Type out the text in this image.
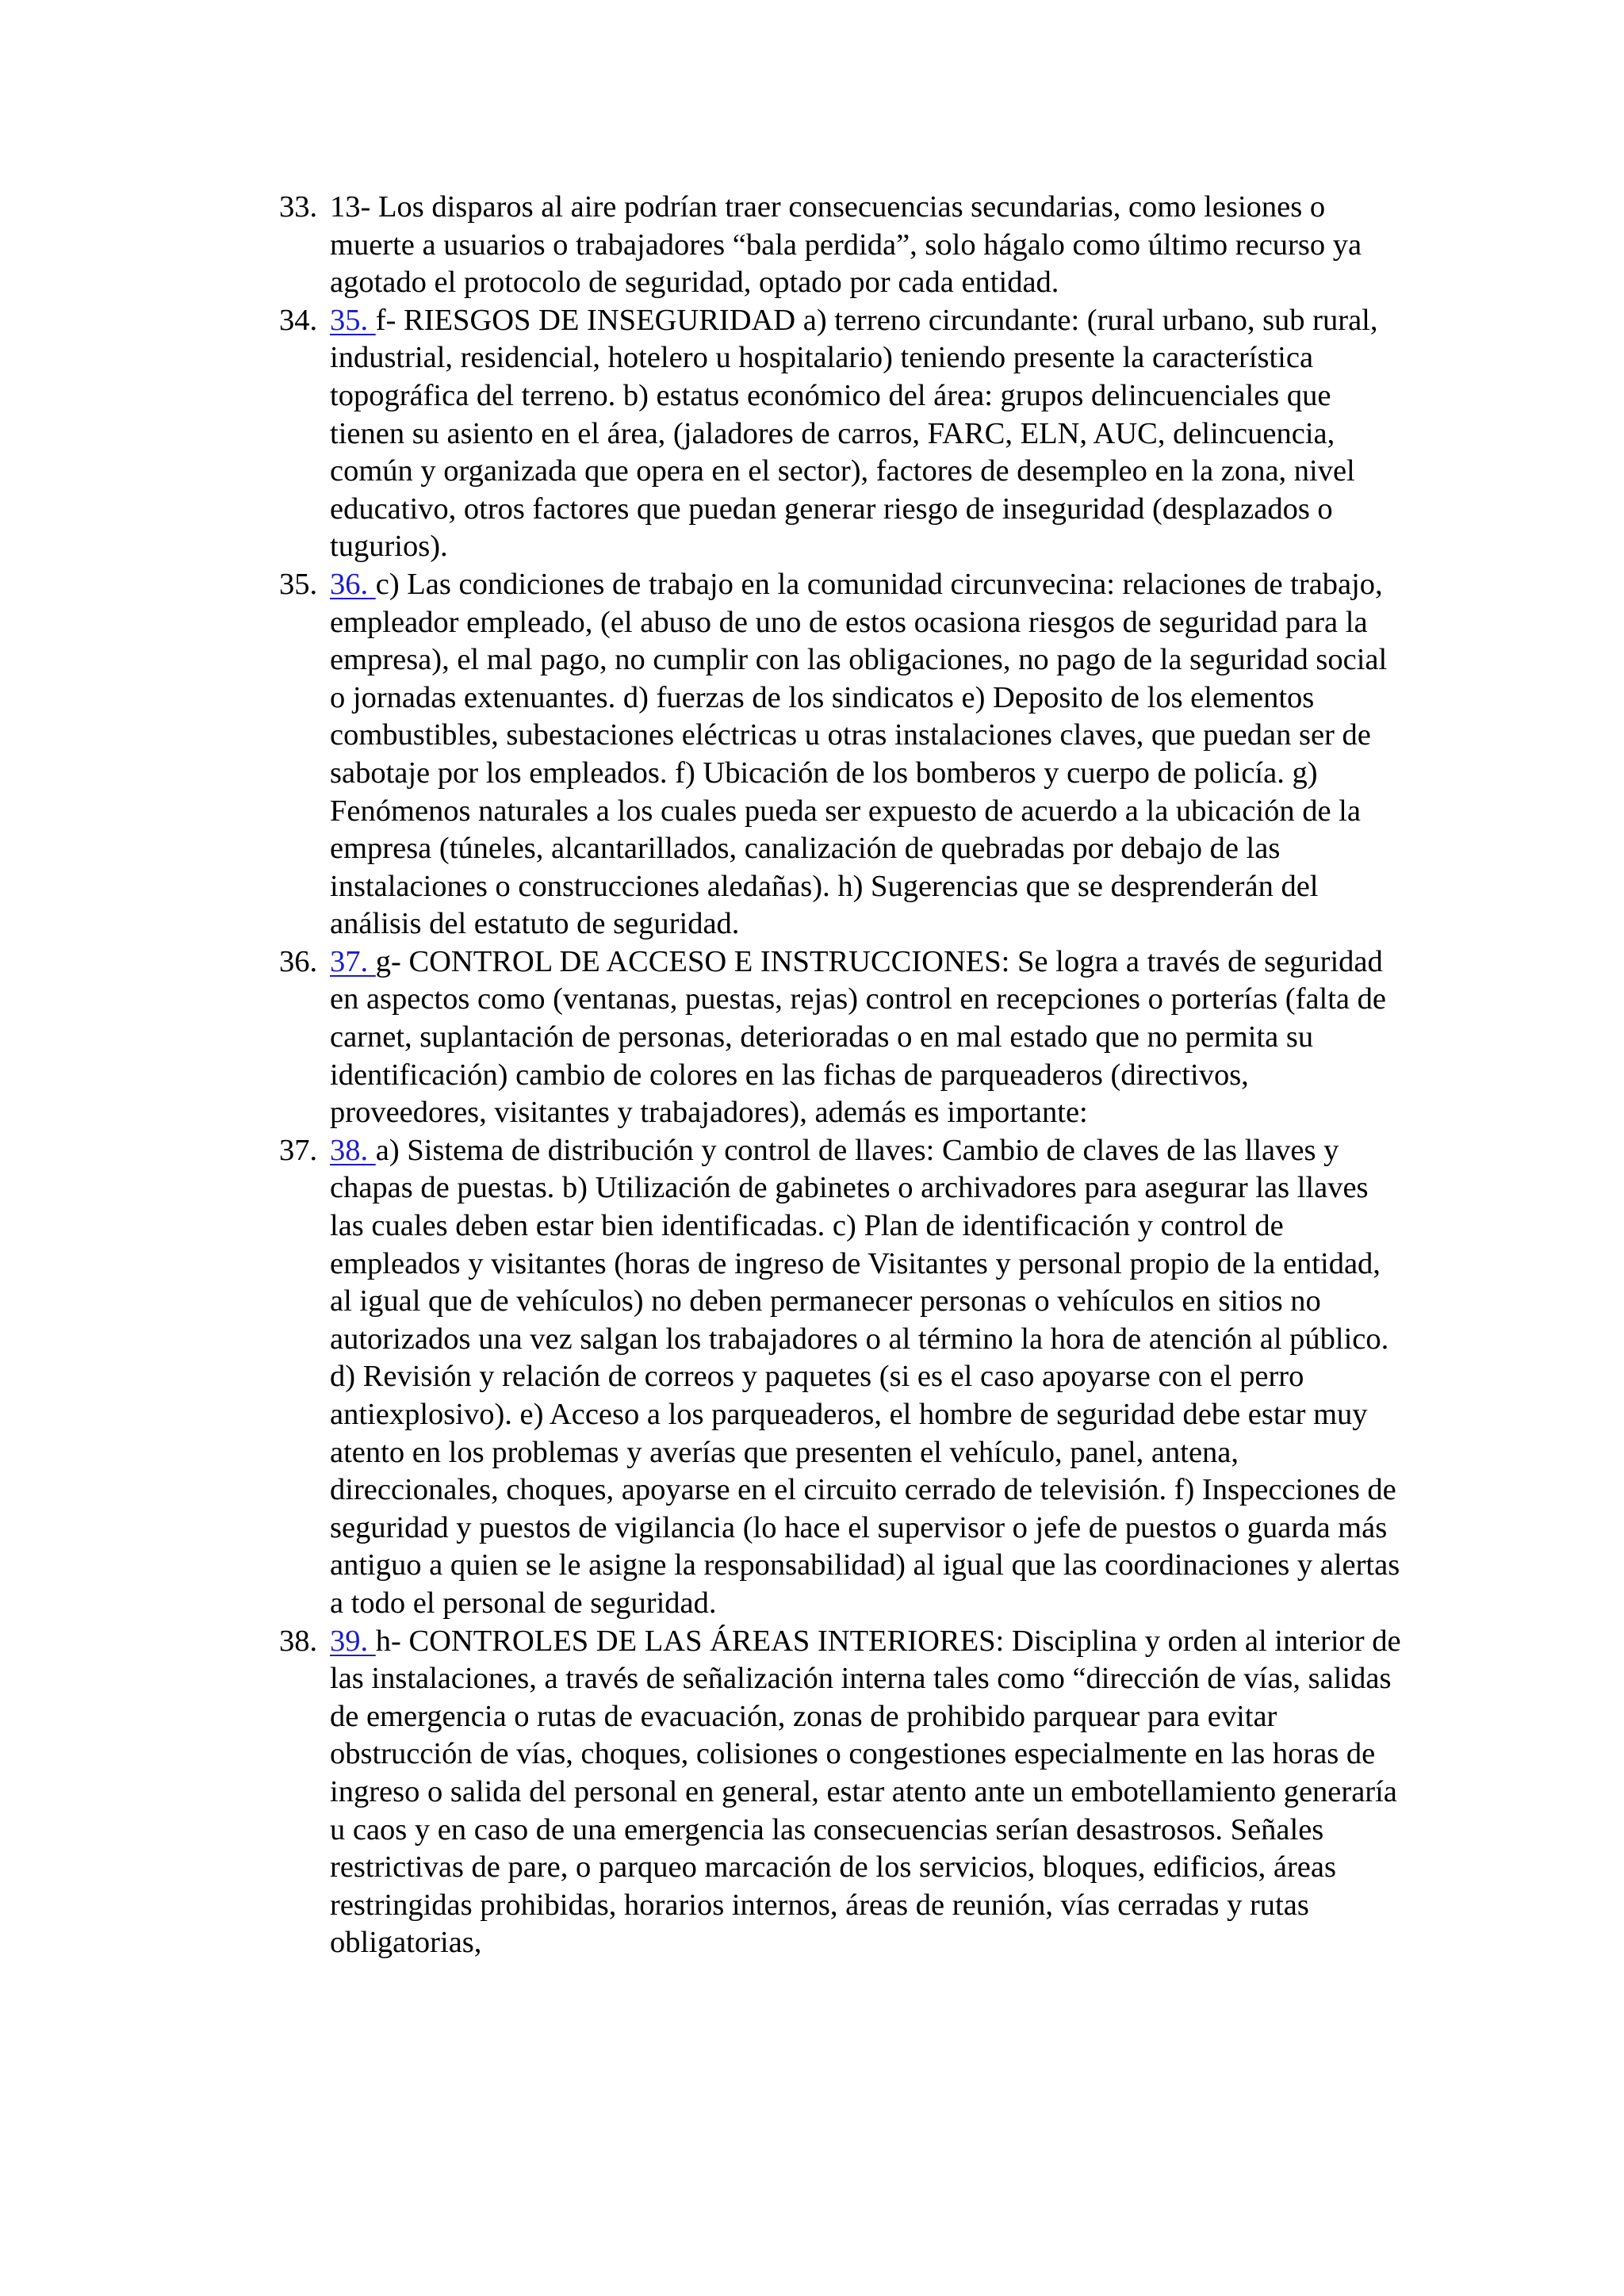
33. 13- Los disparos al aire podrían traer consecuencias secundarias, como lesiones o muerte a usuarios o trabajadores “bala perdida”, solo hágalo como último recurso ya agotado el protocolo de seguridad, optado por cada entidad.
34. 35. f- RIESGOS DE INSEGURIDAD a) terreno circundante: (rural urbano, sub rural, industrial, residencial, hotelero u hospitalario) teniendo presente la característica topográfica del terreno. b) estatus económico del área: grupos delincuenciales que tienen su asiento en el área, (jaladores de carros, FARC, ELN, AUC, delincuencia, común y organizada que opera en el sector), factores de desempleo en la zona, nivel educativo, otros factores que puedan generar riesgo de inseguridad (desplazados o tugurios).
35. 36. c) Las condiciones de trabajo en la comunidad circunvecina: relaciones de trabajo, empleador empleado, (el abuso de uno de estos ocasiona riesgos de seguridad para la empresa), el mal pago, no cumplir con las obligaciones, no pago de la seguridad social o jornadas extenuantes. d) fuerzas de los sindicatos e) Deposito de los elementos combustibles, subestaciones eléctricas u otras instalaciones claves, que puedan ser de sabotaje por los empleados. f) Ubicación de los bomberos y cuerpo de policía. g) Fenómenos naturales a los cuales pueda ser expuesto de acuerdo a la ubicación de la empresa (túneles, alcantarillados, canalización de quebradas por debajo de las instalaciones o construcciones aledañas). h) Sugerencias que se desprenderán del análisis del estatuto de seguridad.
36. 37. g- CONTROL DE ACCESO E INSTRUCCIONES: Se logra a través de seguridad en aspectos como (ventanas, puestas, rejas) control en recepciones o porterías (falta de carnet, suplantación de personas, deterioradas o en mal estado que no permita su identificación) cambio de colores en las fichas de parqueaderos (directivos, proveedores, visitantes y trabajadores), además es importante:
37. 38. a) Sistema de distribución y control de llaves: Cambio de claves de las llaves y chapas de puestas. b) Utilización de gabinetes o archivadores para asegurar las llaves las cuales deben estar bien identificadas. c) Plan de identificación y control de empleados y visitantes (horas de ingreso de Visitantes y personal propio de la entidad, al igual que de vehículos) no deben permanecer personas o vehículos en sitios no autorizados una vez salgan los trabajadores o al término la hora de atención al público. d) Revisión y relación de correos y paquetes (si es el caso apoyarse con el perro antiexplosivo). e) Acceso a los parqueaderos, el hombre de seguridad debe estar muy atento en los problemas y averías que presenten el vehículo, panel, antena, direccionales, choques, apoyarse en el circuito cerrado de televisión. f) Inspecciones de seguridad y puestos de vigilancia (lo hace el supervisor o jefe de puestos o guarda más antiguo a quien se le asigne la responsabilidad) al igual que las coordinaciones y alertas a todo el personal de seguridad.
38. 39. h- CONTROLES DE LAS ÁREAS INTERIORES: Disciplina y orden al interior de las instalaciones, a través de señalización interna tales como “dirección de vías, salidas de emergencia o rutas de evacuación, zonas de prohibido parquear para evitar obstrucción de vías, choques, colisiones o congestiones especialmente en las horas de ingreso o salida del personal en general, estar atento ante un embotellamiento generaría u caos y en caso de una emergencia las consecuencias serían desastrosos. Señales restrictivas de pare, o parqueo marcación de los servicios, bloques, edificios, áreas restringidas prohibidas, horarios internos, áreas de reunión, vías cerradas y rutas obligatorias,
